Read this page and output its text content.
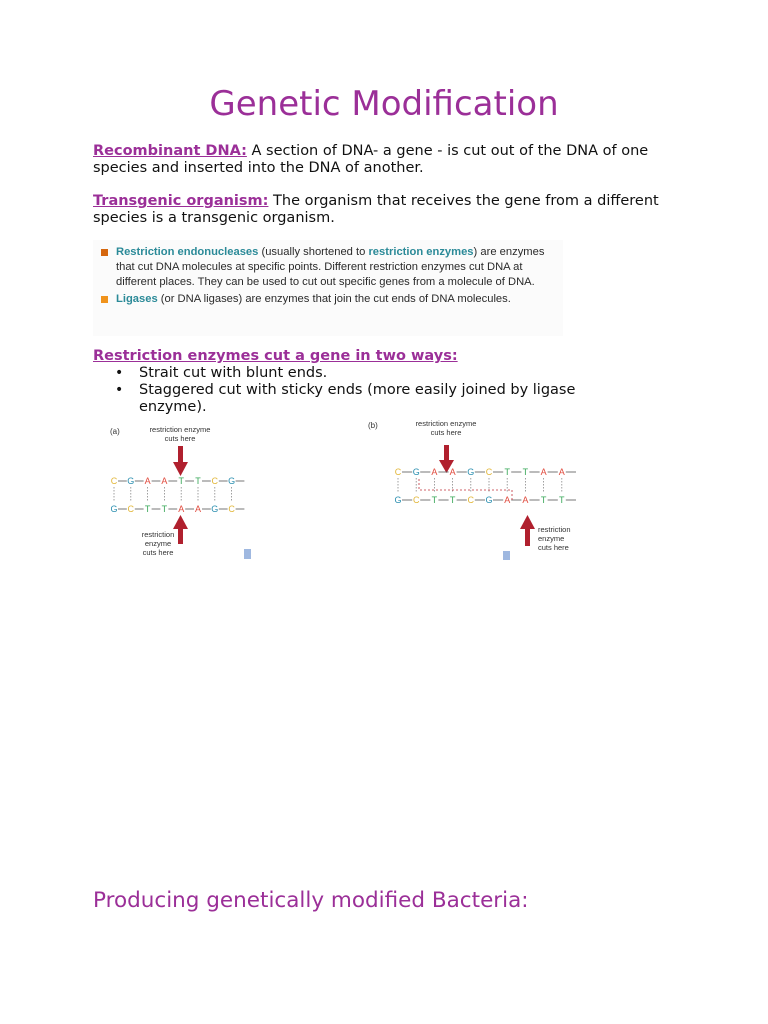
Genetic Modification
Recombinant DNA: A section of DNA- a gene - is cut out of the DNA of one species and inserted into the DNA of another.
Transgenic organism: The organism that receives the gene from a different species is a transgenic organism.
Restriction endonucleases (usually shortened to restriction enzymes) are enzymes that cut DNA molecules at specific points. Different restriction enzymes cut DNA at different places. They can be used to cut out specific genes from a molecule of DNA.
Ligases (or DNA ligases) are enzymes that join the cut ends of DNA molecules.
Restriction enzymes cut a gene in two ways:
• Strait cut with blunt ends.
• Staggered cut with sticky ends (more easily joined by ligase enzyme).
(a)	restriction enzyme
cuts here
C G A A T T C G
G C T T A A G C
restriction
enzyme
cuts here
(b)	restriction enzyme
cuts here
C G A A G C T T A A
G C T T C G A A T T
restriction
enzyme
cuts here
Producing genetically modified Bacteria:
